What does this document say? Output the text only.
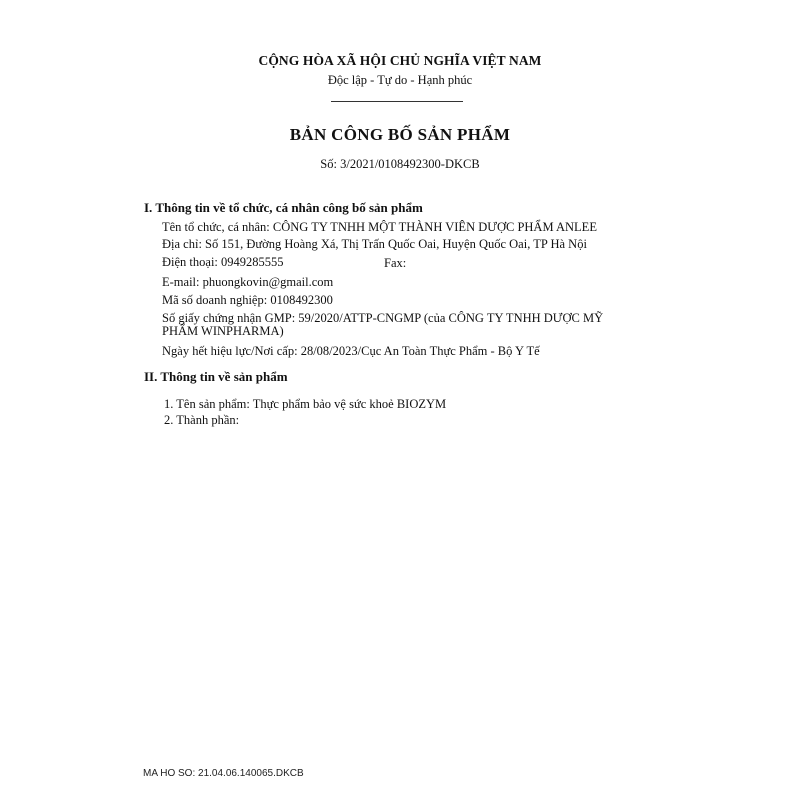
CỘNG HÒA XÃ HỘI CHỦ NGHĨA VIỆT NAM
Độc lập - Tự do - Hạnh phúc
BẢN CÔNG BỐ SẢN PHẨM
Số: 3/2021/0108492300-DKCB
I. Thông tin về tổ chức, cá nhân công bố sản phẩm
Tên tổ chức, cá nhân: CÔNG TY TNHH MỘT THÀNH VIÊN DƯỢC PHẨM ANLEE
Địa chỉ: Số 151, Đường Hoàng Xá, Thị Trấn Quốc Oai, Huyện Quốc Oai, TP Hà Nội
Điện thoại: 0949285555	Fax:
E-mail: phuongkovin@gmail.com
Mã số doanh nghiệp: 0108492300
Số giấy chứng nhận GMP: 59/2020/ATTP-CNGMP (của CÔNG TY TNHH DƯỢC MỸ PHẨM WINPHARMA)
Ngày hết hiệu lực/Nơi cấp: 28/08/2023/Cục An Toàn Thực Phẩm - Bộ Y Tế
II. Thông tin về sản phẩm
1. Tên sản phẩm: Thực phẩm bảo vệ sức khoẻ BIOZYM
2. Thành phần:
MA HO SO: 21.04.06.140065.DKCB
